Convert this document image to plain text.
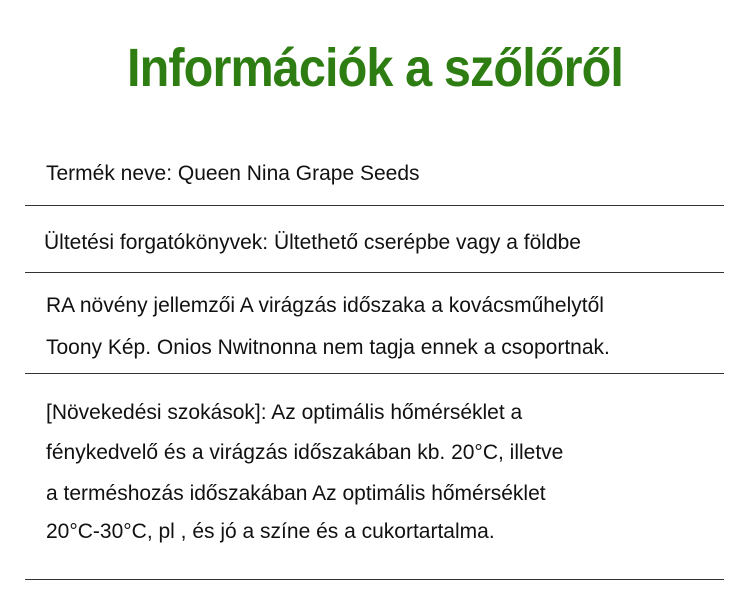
Információk a szőlőről
Termék neve: Queen Nina Grape Seeds
Ültetési forgatókönyvek: Ültethető cserépbe vagy a földbe
RA növény jellemzői A virágzás időszaka a kovácsműhelytől
Toony Kép. Onios Nwitnonna nem tagja ennek a csoportnak.
[Növekedési szokások]: Az optimális hőmérséklet a
fénykedvelő és a virágzás időszakában kb. 20°C, illetve
a terméshozás időszakában Az optimális hőmérséklet
20°C-30°C, pl , és jó a színe és a cukortartalma.
